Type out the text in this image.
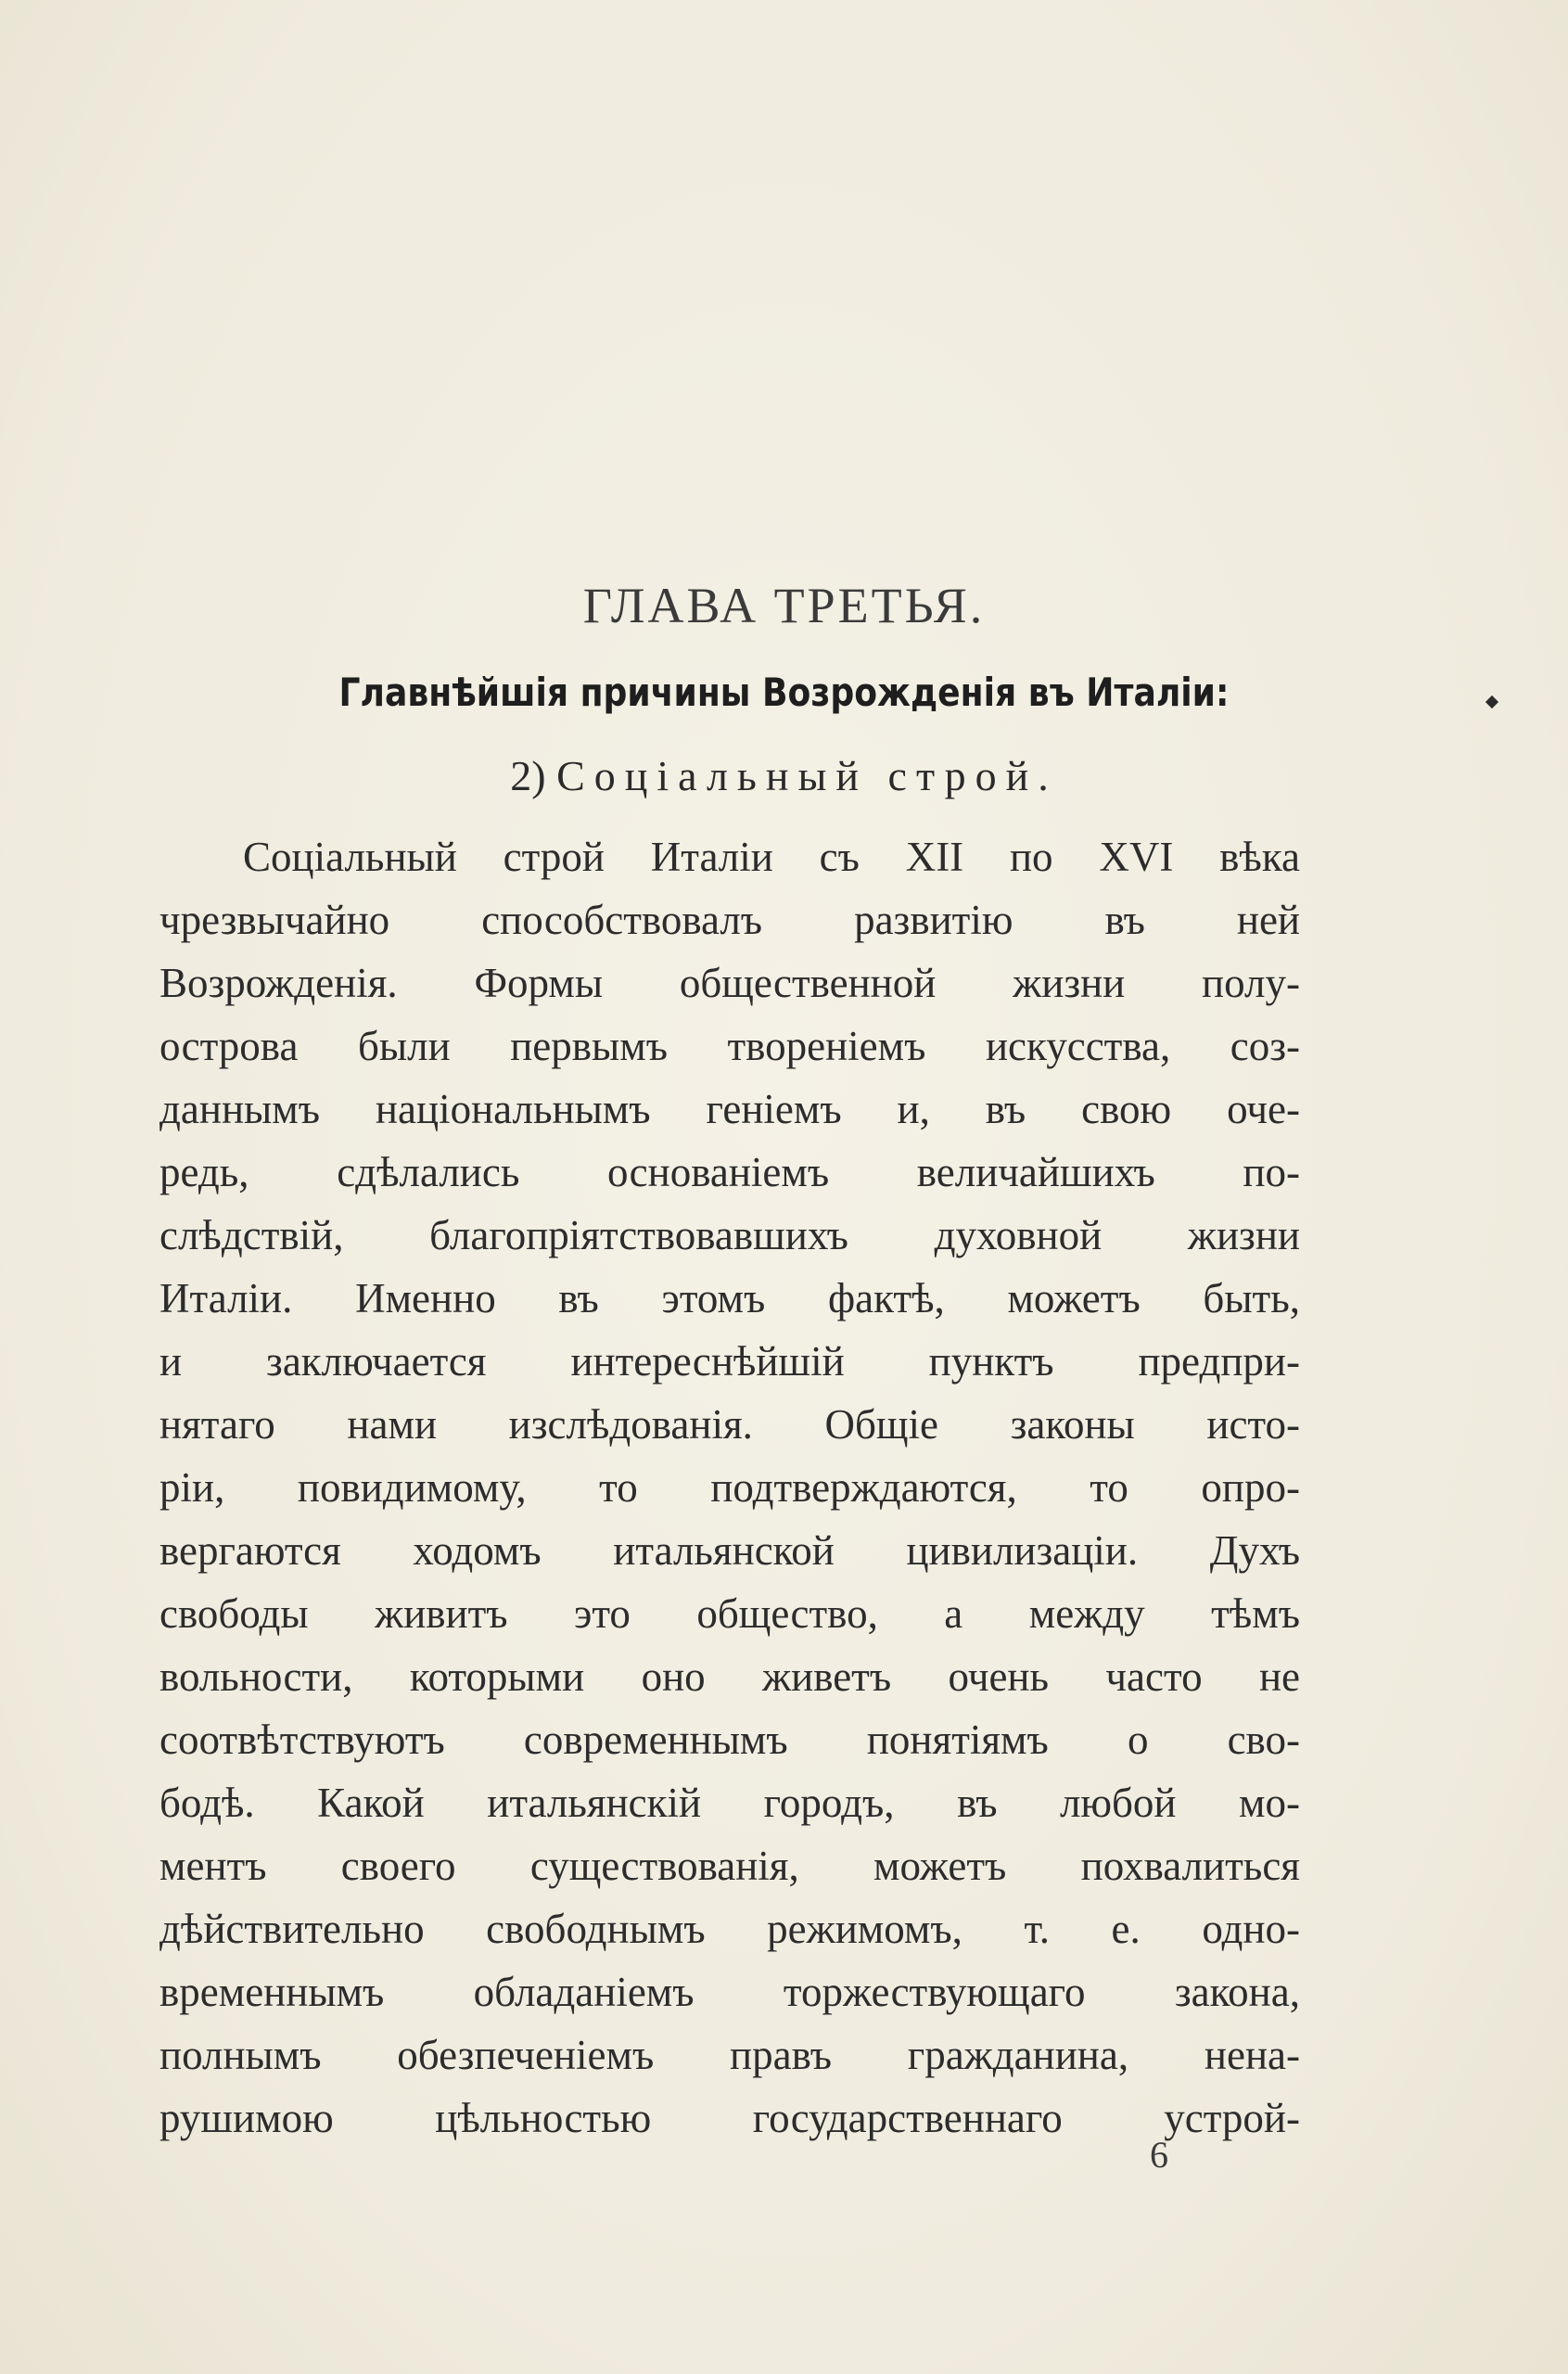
ГЛАВА ТРЕТЬЯ.
Главнѣйшія причины Возрожденія въ Италіи:
2) Соціальный строй.
Соціальный строй Италіи съ XII по XVI вѣка
чрезвычайно способствовалъ развитію въ ней
Возрожденія. Формы общественной жизни полу-
острова были первымъ твореніемъ искусства, соз-
даннымъ національнымъ геніемъ и, въ свою оче-
редь, сдѣлались основаніемъ величайшихъ по-
слѣдствій, благопріятствовавшихъ духовной жизни
Италіи. Именно въ этомъ фактѣ, можетъ быть,
и заключается интереснѣйшій пунктъ предпри-
нятаго нами изслѣдованія. Общіе законы исто-
ріи, повидимому, то подтверждаются, то опро-
вергаются ходомъ итальянской цивилизаціи. Духъ
свободы живитъ это общество, а между тѣмъ
вольности, которыми оно живетъ очень часто не
соотвѣтствуютъ современнымъ понятіямъ о сво-
бодѣ. Какой итальянскій городъ, въ любой мо-
ментъ своего существованія, можетъ похвалиться
дѣйствительно свободнымъ режимомъ, т. е. одно-
временнымъ обладаніемъ торжествующаго закона,
полнымъ обезпеченіемъ правъ гражданина, нена-
рушимою цѣльностью государственнаго устрой-
6
